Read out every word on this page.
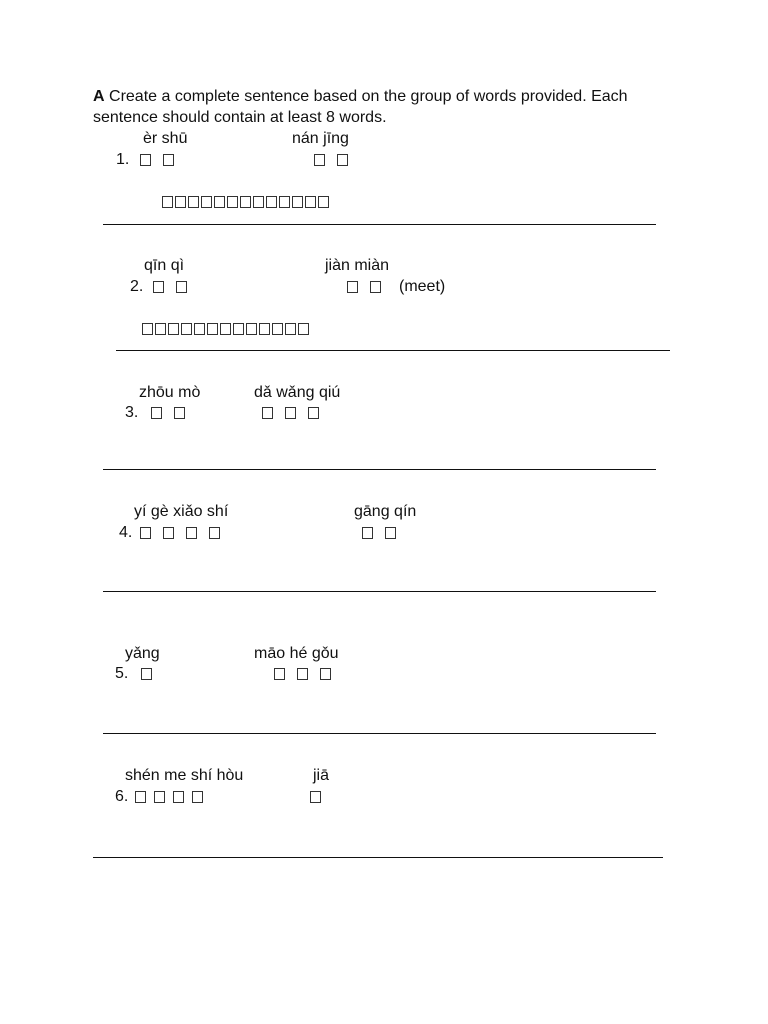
A Create a complete sentence based on the group of words provided. Each sentence should contain at least 8 words.
èr shū	nán jīng
1.
qīn qì	jiàn miàn
2.	(meet)
zhōu mò	dǎ wǎng qiú
3.
yí gè xiǎo shí	gāng qín
4.
yǎng	māo hé gǒu
5.
shén me shí hòu	jiā
6.
